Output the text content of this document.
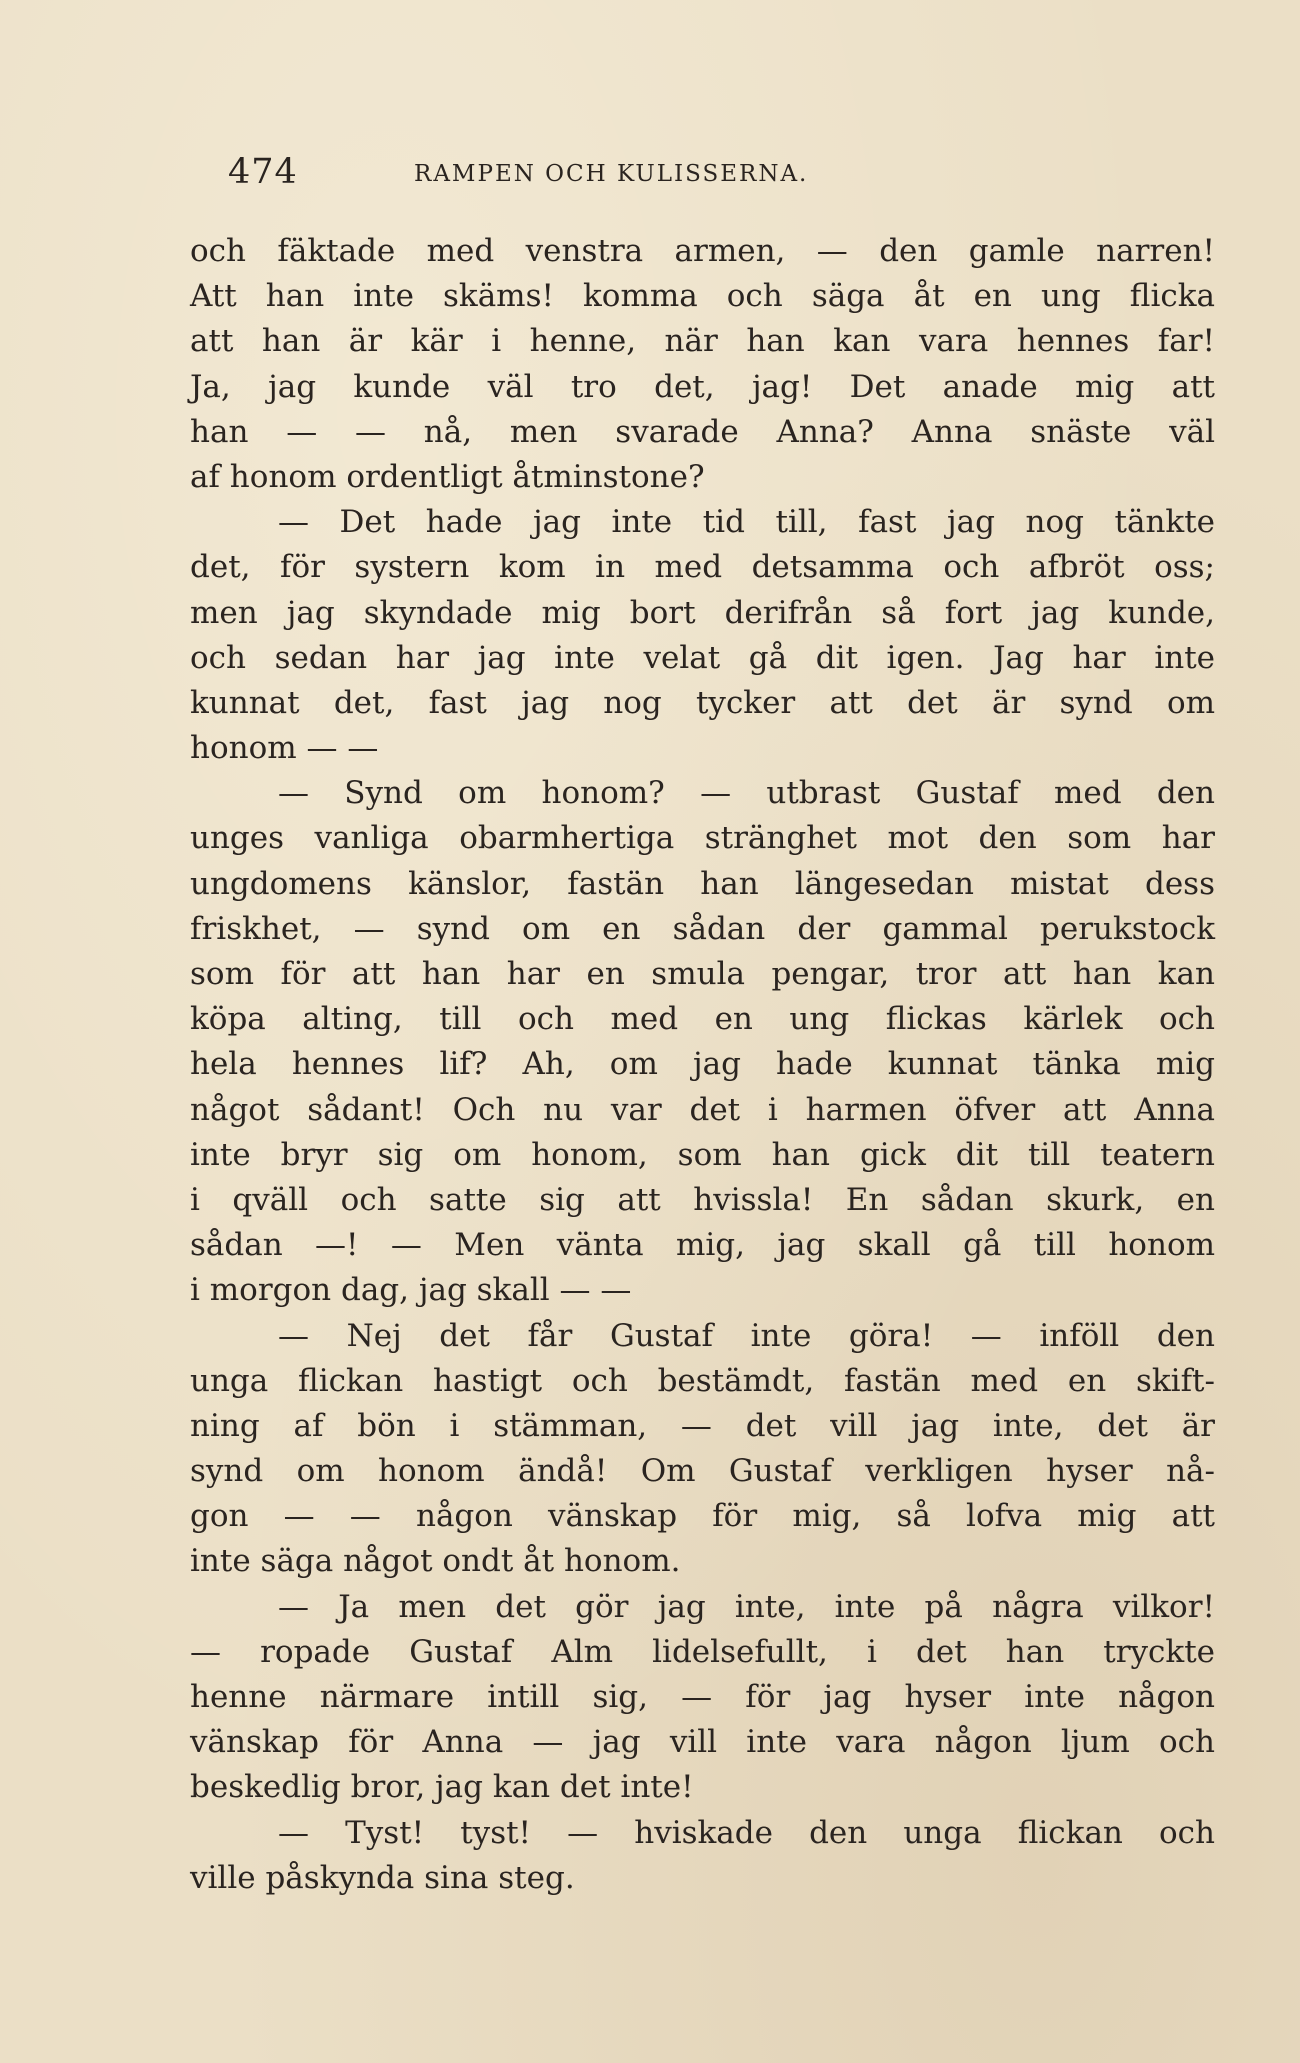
474	RAMPEN OCH KULISSERNA.
och fäktade med venstra armen, — den gamle narren!
Att han inte skäms! komma och säga åt en ung flicka
att han är kär i henne, när han kan vara hennes far!
Ja, jag kunde väl tro det, jag! Det anade mig att
han — — nå, men svarade Anna? Anna snäste väl
af honom ordentligt åtminstone?
— Det hade jag inte tid till, fast jag nog tänkte
det, för systern kom in med detsamma och afbröt oss;
men jag skyndade mig bort derifrån så fort jag kunde,
och sedan har jag inte velat gå dit igen. Jag har inte
kunnat det, fast jag nog tycker att det är synd om
honom — —
— Synd om honom? — utbrast Gustaf med den
unges vanliga obarmhertiga stränghet mot den som har
ungdomens känslor, fastän han längesedan mistat dess
friskhet, — synd om en sådan der gammal perukstock
som för att han har en smula pengar, tror att han kan
köpa alting, till och med en ung flickas kärlek och
hela hennes lif? Ah, om jag hade kunnat tänka mig
något sådant! Och nu var det i harmen öfver att Anna
inte bryr sig om honom, som han gick dit till teatern
i qväll och satte sig att hvissla! En sådan skurk, en
sådan —! — Men vänta mig, jag skall gå till honom
i morgon dag, jag skall — —
— Nej det får Gustaf inte göra! — inföll den
unga flickan hastigt och bestämdt, fastän med en skift-
ning af bön i stämman, — det vill jag inte, det är
synd om honom ändå! Om Gustaf verkligen hyser nå-
gon — — någon vänskap för mig, så lofva mig att
inte säga något ondt åt honom.
— Ja men det gör jag inte, inte på några vilkor!
— ropade Gustaf Alm lidelsefullt, i det han tryckte
henne närmare intill sig, — för jag hyser inte någon
vänskap för Anna — jag vill inte vara någon ljum och
beskedlig bror, jag kan det inte!
— Tyst! tyst! — hviskade den unga flickan och
ville påskynda sina steg.
